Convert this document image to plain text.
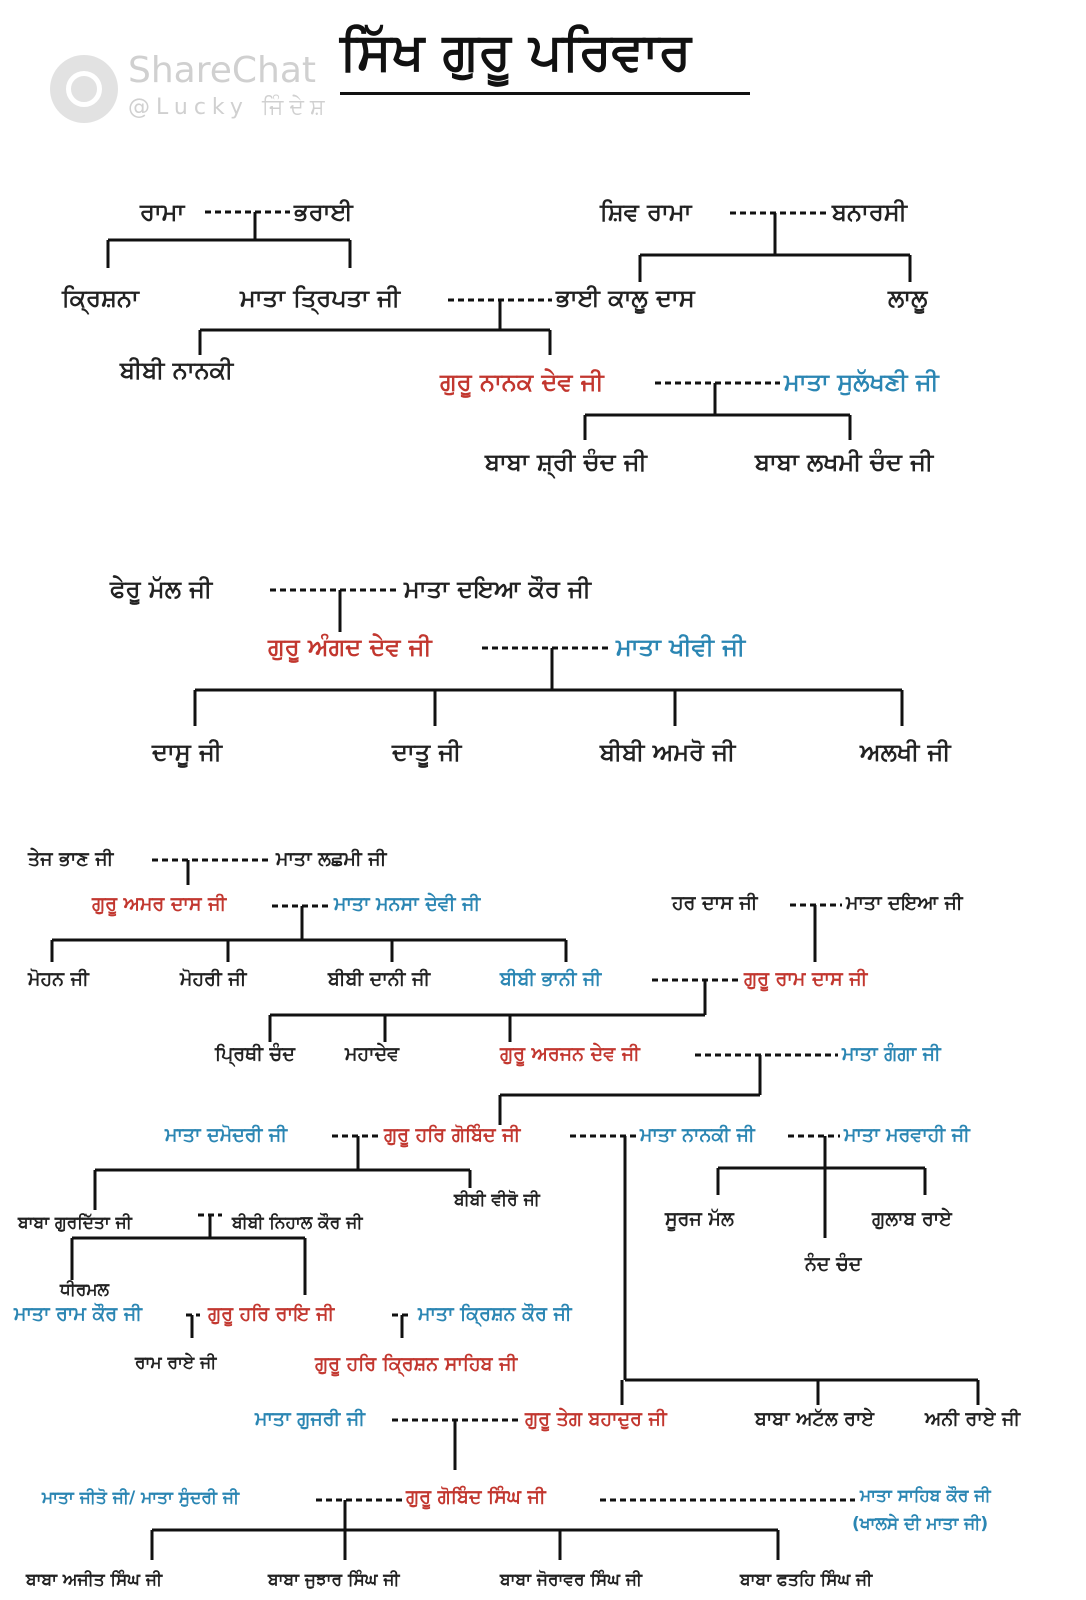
ShareChat
@Lucky ਜਿੰਦੇਸ਼
ਸਿੱਖ ਗੁਰੂ ਪਰਿਵਾਰ
ਰਾਮਾ	ਭਰਾਈ	ਸ਼ਿਵ ਰਾਮਾ	ਬਨਾਰਸੀ
ਕ੍ਰਿਸ਼ਨਾ	ਮਾਤਾ ਤ੍ਰਿਪਤਾ ਜੀ	ਭਾਈ ਕਾਲੂ ਦਾਸ	ਲਾਲੂ
ਬੀਬੀ ਨਾਨਕੀ	ਗੁਰੂ ਨਾਨਕ ਦੇਵ ਜੀ	ਮਾਤਾ ਸੁਲੱਖਣੀ ਜੀ
ਬਾਬਾ ਸ਼੍ਰੀ ਚੰਦ ਜੀ	ਬਾਬਾ ਲਖਮੀ ਚੰਦ ਜੀ
ਫੇਰੂ ਮੱਲ ਜੀ	ਮਾਤਾ ਦਇਆ ਕੌਰ ਜੀ
ਗੁਰੂ ਅੰਗਦ ਦੇਵ ਜੀ	ਮਾਤਾ ਖੀਵੀ ਜੀ
ਦਾਸੂ ਜੀ	ਦਾਤੂ ਜੀ	ਬੀਬੀ ਅਮਰੋ ਜੀ	ਅਲਖੀ ਜੀ
ਤੇਜ ਭਾਣ ਜੀ	ਮਾਤਾ ਲਛਮੀ ਜੀ
ਗੁਰੂ ਅਮਰ ਦਾਸ ਜੀ	ਮਾਤਾ ਮਨਸਾ ਦੇਵੀ ਜੀ	ਹਰ ਦਾਸ ਜੀ	ਮਾਤਾ ਦਇਆ ਜੀ
ਮੋਹਨ ਜੀ	ਮੋਹਰੀ ਜੀ	ਬੀਬੀ ਦਾਨੀ ਜੀ	ਬੀਬੀ ਭਾਨੀ ਜੀ	ਗੁਰੂ ਰਾਮ ਦਾਸ ਜੀ
ਪ੍ਰਿਥੀ ਚੰਦ	ਮਹਾਦੇਵ	ਗੁਰੂ ਅਰਜਨ ਦੇਵ ਜੀ	ਮਾਤਾ ਗੰਗਾ ਜੀ
ਮਾਤਾ ਦਮੋਦਰੀ ਜੀ	ਗੁਰੂ ਹਰਿ ਗੋਬਿੰਦ ਜੀ	ਮਾਤਾ ਨਾਨਕੀ ਜੀ	ਮਾਤਾ ਮਰਵਾਹੀ ਜੀ
ਬੀਬੀ ਵੀਰੋ ਜੀ
ਬਾਬਾ ਗੁਰਦਿੱਤਾ ਜੀ	ਬੀਬੀ ਨਿਹਾਲ ਕੌਰ ਜੀ	ਸੂਰਜ ਮੱਲ	ਗੁਲਾਬ ਰਾਏ
ਨੰਦ ਚੰਦ
ਧੀਰਮਲ
ਮਾਤਾ ਰਾਮ ਕੌਰ ਜੀ	ਗੁਰੂ ਹਰਿ ਰਾਇ ਜੀ	ਮਾਤਾ ਕ੍ਰਿਸ਼ਨ ਕੌਰ ਜੀ
ਰਾਮ ਰਾਏ ਜੀ	ਗੁਰੂ ਹਰਿ ਕ੍ਰਿਸ਼ਨ ਸਾਹਿਬ ਜੀ
ਮਾਤਾ ਗੁਜਰੀ ਜੀ	ਗੁਰੂ ਤੇਗ ਬਹਾਦੁਰ ਜੀ	ਬਾਬਾ ਅਟੱਲ ਰਾਏ	ਅਨੀ ਰਾਏ ਜੀ
ਮਾਤਾ ਜੀਤੋ ਜੀ/ ਮਾਤਾ ਸੁੰਦਰੀ ਜੀ	ਗੁਰੂ ਗੋਬਿੰਦ ਸਿੰਘ ਜੀ	ਮਾਤਾ ਸਾਹਿਬ ਕੌਰ ਜੀ
(ਖਾਲਸੇ ਦੀ ਮਾਤਾ ਜੀ)
ਬਾਬਾ ਅਜੀਤ ਸਿੰਘ ਜੀ	ਬਾਬਾ ਜੁਝਾਰ ਸਿੰਘ ਜੀ	ਬਾਬਾ ਜੋਰਾਵਰ ਸਿੰਘ ਜੀ	ਬਾਬਾ ਫਤਹਿ ਸਿੰਘ ਜੀ
